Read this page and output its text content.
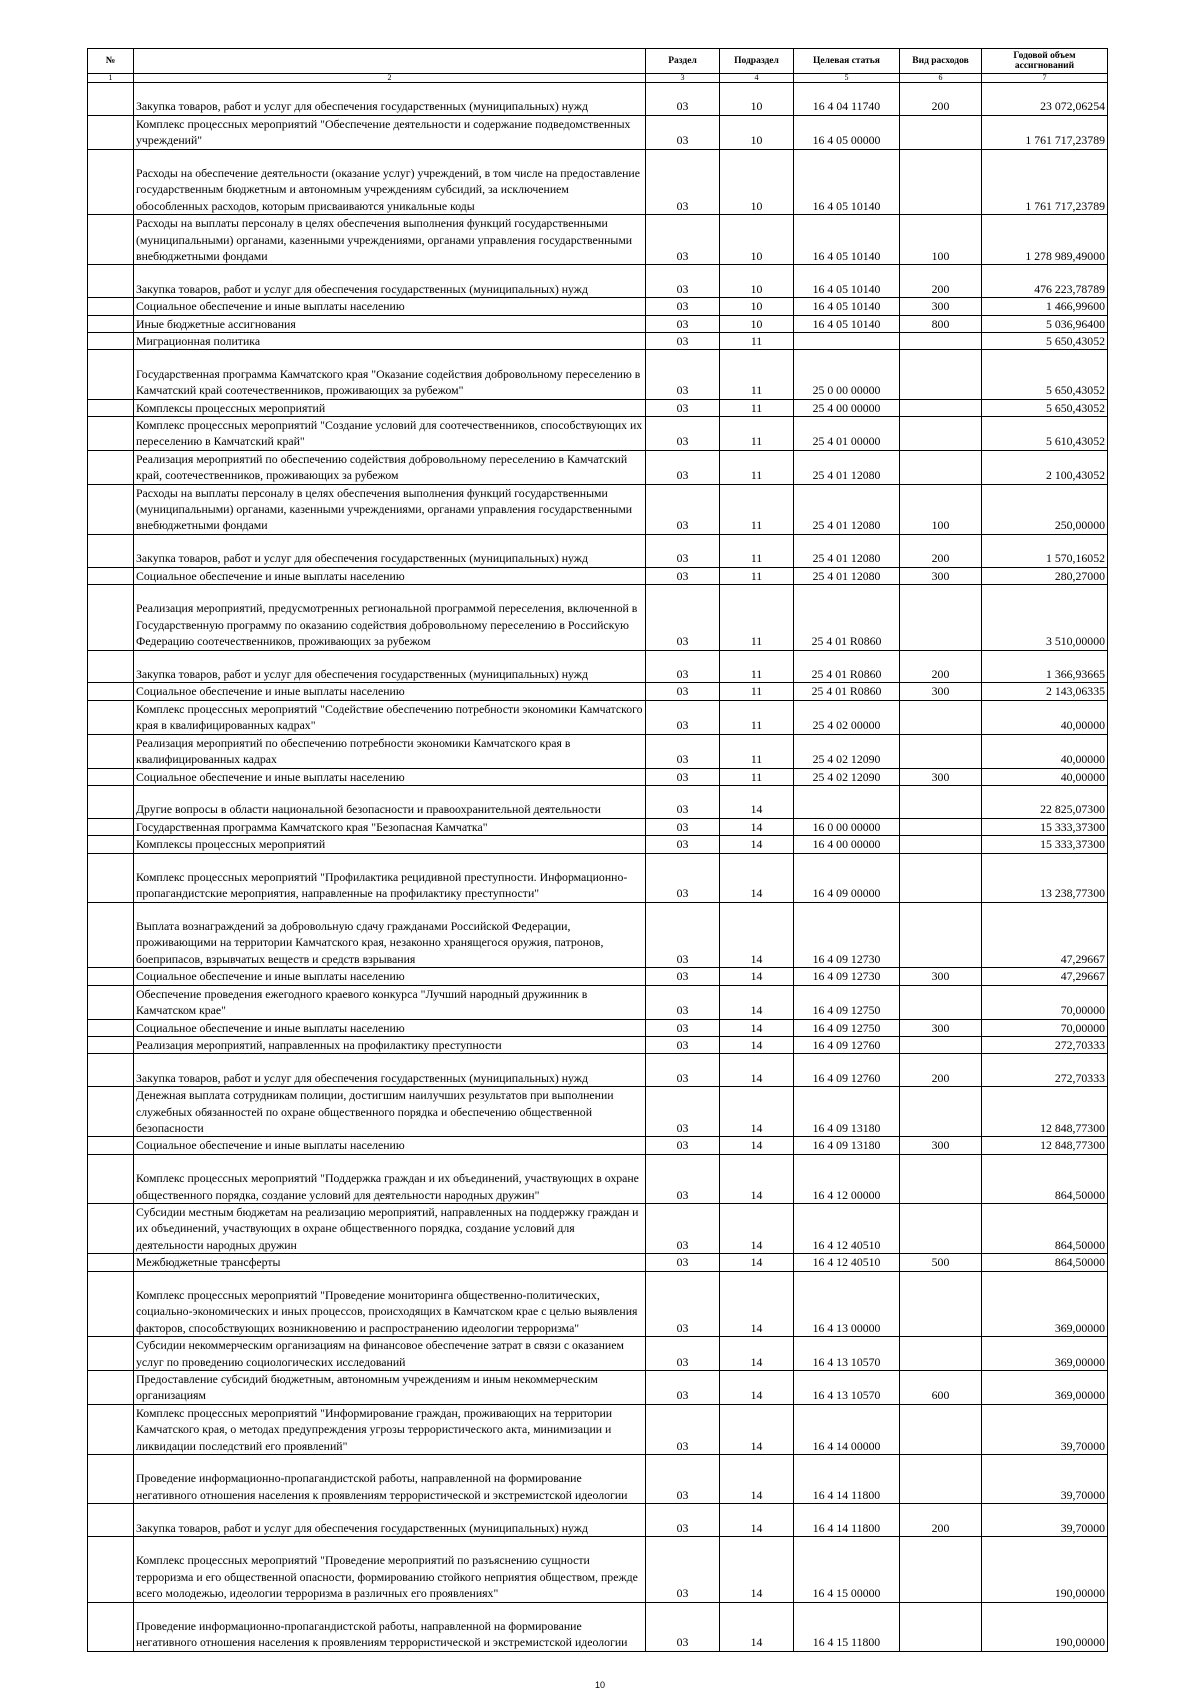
№		Раздел	Подраздел	Целевая статья	Вид расходов	Годовой объем ассигнований
1	2	3	4	5	6	7
	Закупка товаров, работ и услуг для обеспечения государственных (муниципальных) нужд	03	10	16 4 04 11740	200	23 072,06254
	Комплекс процессных мероприятий "Обеспечение деятельности и содержание подведомственных учреждений"	03	10	16 4 05 00000		1 761 717,23789
	Расходы на обеспечение деятельности (оказание услуг) учреждений, в том числе на предоставление государственным бюджетным и автономным учреждениям субсидий, за исключением обособленных расходов, которым присваиваются уникальные коды	03	10	16 4 05 10140		1 761 717,23789
	Расходы на выплаты персоналу в целях обеспечения выполнения функций государственными (муниципальными) органами, казенными учреждениями, органами управления государственными внебюджетными фондами	03	10	16 4 05 10140	100	1 278 989,49000
	Закупка товаров, работ и услуг для обеспечения государственных (муниципальных) нужд	03	10	16 4 05 10140	200	476 223,78789
	Социальное обеспечение и иные выплаты населению	03	10	16 4 05 10140	300	1 466,99600
	Иные бюджетные ассигнования	03	10	16 4 05 10140	800	5 036,96400
	Миграционная политика	03	11			5 650,43052
	Государственная программа Камчатского края "Оказание содействия добровольному переселению в Камчатский край соотечественников, проживающих за рубежом"	03	11	25 0 00 00000		5 650,43052
	Комплексы процессных мероприятий	03	11	25 4 00 00000		5 650,43052
	Комплекс процессных мероприятий "Создание условий для соотечественников, способствующих их переселению в Камчатский край"	03	11	25 4 01 00000		5 610,43052
	Реализация мероприятий по обеспечению содействия добровольному переселению в Камчатский край, соотечественников, проживающих за рубежом	03	11	25 4 01 12080		2 100,43052
	Расходы на выплаты персоналу в целях обеспечения выполнения функций государственными (муниципальными) органами, казенными учреждениями, органами управления государственными внебюджетными фондами	03	11	25 4 01 12080	100	250,00000
	Закупка товаров, работ и услуг для обеспечения государственных (муниципальных) нужд	03	11	25 4 01 12080	200	1 570,16052
	Социальное обеспечение и иные выплаты населению	03	11	25 4 01 12080	300	280,27000
	Реализация мероприятий, предусмотренных региональной программой переселения, включенной в Государственную программу по оказанию содействия добровольному переселению в Российскую Федерацию соотечественников, проживающих за рубежом	03	11	25 4 01 R0860		3 510,00000
	Закупка товаров, работ и услуг для обеспечения государственных (муниципальных) нужд	03	11	25 4 01 R0860	200	1 366,93665
	Социальное обеспечение и иные выплаты населению	03	11	25 4 01 R0860	300	2 143,06335
	Комплекс процессных мероприятий "Содействие обеспечению потребности экономики Камчатского края в квалифицированных кадрах"	03	11	25 4 02 00000		40,00000
	Реализация мероприятий по обеспечению потребности экономики Камчатского края в квалифицированных кадрах	03	11	25 4 02 12090		40,00000
	Социальное обеспечение и иные выплаты населению	03	11	25 4 02 12090	300	40,00000
	Другие вопросы в области национальной безопасности и правоохранительной деятельности	03	14			22 825,07300
	Государственная программа Камчатского края "Безопасная Камчатка"	03	14	16 0 00 00000		15 333,37300
	Комплексы процессных мероприятий	03	14	16 4 00 00000		15 333,37300
	Комплекс процессных мероприятий "Профилактика рецидивной преступности. Информационно-пропагандистские мероприятия, направленные на профилактику преступности"	03	14	16 4 09 00000		13 238,77300
	Выплата вознаграждений за добровольную сдачу гражданами Российской Федерации, проживающими на территории Камчатского края, незаконно хранящегося оружия, патронов, боеприпасов, взрывчатых веществ и средств взрывания	03	14	16 4 09 12730		47,29667
	Социальное обеспечение и иные выплаты населению	03	14	16 4 09 12730	300	47,29667
	Обеспечение проведения ежегодного краевого конкурса "Лучший народный дружинник в Камчатском крае"	03	14	16 4 09 12750		70,00000
	Социальное обеспечение и иные выплаты населению	03	14	16 4 09 12750	300	70,00000
	Реализация мероприятий, направленных на профилактику преступности	03	14	16 4 09 12760		272,70333
	Закупка товаров, работ и услуг для обеспечения государственных (муниципальных) нужд	03	14	16 4 09 12760	200	272,70333
	Денежная выплата сотрудникам полиции, достигшим наилучших результатов при выполнении служебных обязанностей по охране общественного порядка и обеспечению общественной безопасности	03	14	16 4 09 13180		12 848,77300
	Социальное обеспечение и иные выплаты населению	03	14	16 4 09 13180	300	12 848,77300
	Комплекс процессных мероприятий "Поддержка граждан и их объединений, участвующих в охране общественного порядка, создание условий для деятельности народных дружин"	03	14	16 4 12 00000		864,50000
	Субсидии местным бюджетам на реализацию мероприятий, направленных на поддержку граждан и их объединений, участвующих в охране общественного порядка, создание условий для деятельности народных дружин	03	14	16 4 12 40510		864,50000
	Межбюджетные трансферты	03	14	16 4 12 40510	500	864,50000
	Комплекс процессных мероприятий "Проведение мониторинга общественно-политических, социально-экономических и иных процессов, происходящих в Камчатском крае с целью выявления факторов, способствующих возникновению и распространению идеологии терроризма"	03	14	16 4 13 00000		369,00000
	Субсидии некоммерческим организациям на финансовое обеспечение затрат в связи с оказанием услуг по проведению социологических исследований	03	14	16 4 13 10570		369,00000
	Предоставление субсидий бюджетным, автономным учреждениям и иным некоммерческим организациям	03	14	16 4 13 10570	600	369,00000
	Комплекс процессных мероприятий "Информирование граждан, проживающих на территории Камчатского края, о методах предупреждения угрозы террористического акта, минимизации и ликвидации последствий его проявлений"	03	14	16 4 14 00000		39,70000
	Проведение информационно-пропагандистской работы, направленной на формирование негативного отношения населения к проявлениям террористической и экстремистской идеологии	03	14	16 4 14 11800		39,70000
	Закупка товаров, работ и услуг для обеспечения государственных (муниципальных) нужд	03	14	16 4 14 11800	200	39,70000
	Комплекс процессных мероприятий "Проведение мероприятий по разъяснению сущности терроризма и его общественной опасности, формированию стойкого неприятия обществом, прежде всего молодежью, идеологии терроризма в различных его проявлениях"	03	14	16 4 15 00000		190,00000
	Проведение информационно-пропагандистской работы, направленной на формирование негативного отношения населения к проявлениям террористической и экстремистской идеологии	03	14	16 4 15 11800		190,00000
10
